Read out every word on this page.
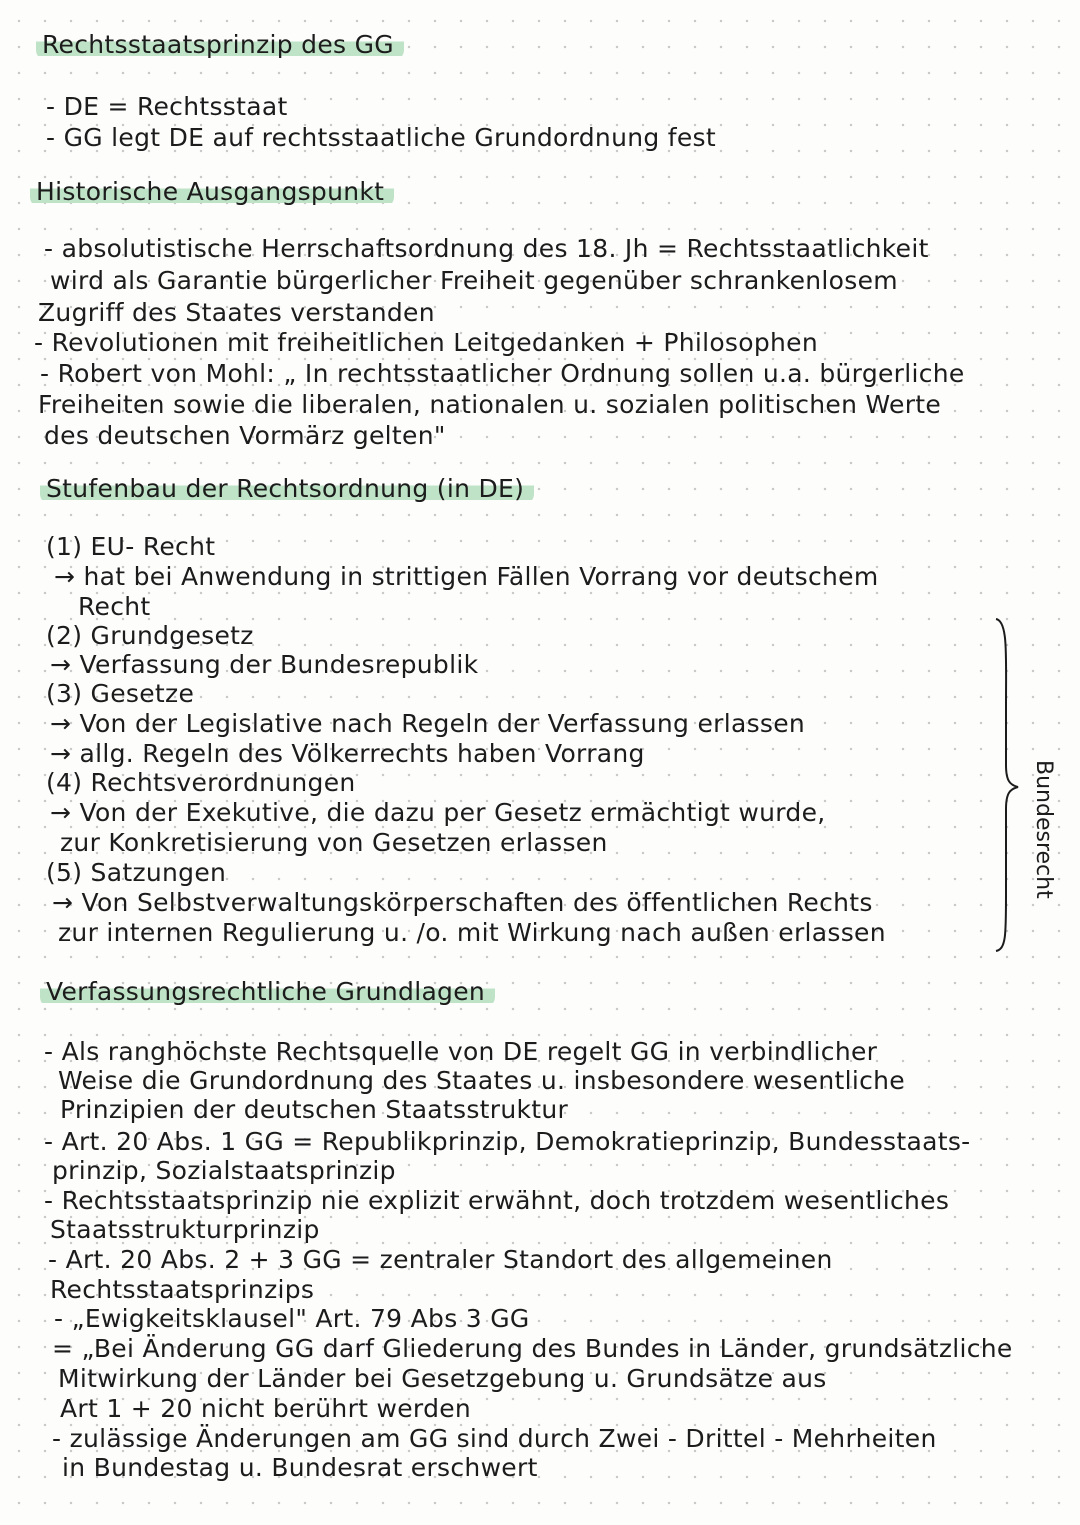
Rechtsstaatsprinzip des GG
- DE = Rechtsstaat
- GG legt DE auf rechtsstaatliche Grundordnung fest
Historische Ausgangspunkt
- absolutistische Herrschaftsordnung des 18. Jh = Rechtsstaatlichkeit
wird als Garantie bürgerlicher Freiheit gegenüber schrankenlosem
Zugriff des Staates verstanden
- Revolutionen mit freiheitlichen Leitgedanken + Philosophen
- Robert von Mohl: „ In rechtsstaatlicher Ordnung sollen u.a. bürgerliche
Freiheiten sowie die liberalen, nationalen u. sozialen politischen Werte
des deutschen Vormärz gelten"
Stufenbau der Rechtsordnung (in DE)
(1) EU- Recht
→ hat bei Anwendung in strittigen Fällen Vorrang vor deutschem
Recht
(2) Grundgesetz
→ Verfassung der Bundesrepublik
(3) Gesetze
→ Von der Legislative nach Regeln der Verfassung erlassen
→ allg. Regeln des Völkerrechts haben Vorrang
(4) Rechtsverordnungen
→ Von der Exekutive, die dazu per Gesetz ermächtigt wurde,
zur Konkretisierung von Gesetzen erlassen
(5) Satzungen
→ Von Selbstverwaltungskörperschaften des öffentlichen Rechts
zur internen Regulierung u. /o. mit Wirkung nach außen erlassen
Bundesrecht
Verfassungsrechtliche Grundlagen
- Als ranghöchste Rechtsquelle von DE regelt GG in verbindlicher
Weise die Grundordnung des Staates u. insbesondere wesentliche
Prinzipien der deutschen Staatsstruktur
- Art. 20 Abs. 1 GG = Republikprinzip, Demokratieprinzip, Bundesstaats-
prinzip, Sozialstaatsprinzip
- Rechtsstaatsprinzip nie explizit erwähnt, doch trotzdem wesentliches
Staatsstrukturprinzip
- Art. 20 Abs. 2 + 3 GG = zentraler Standort des allgemeinen
Rechtsstaatsprinzips
- „Ewigkeitsklausel" Art. 79 Abs 3 GG
= „Bei Änderung GG darf Gliederung des Bundes in Länder, grundsätzliche
Mitwirkung der Länder bei Gesetzgebung u. Grundsätze aus
Art 1 + 20 nicht berührt werden
- zulässige Änderungen am GG sind durch Zwei - Drittel - Mehrheiten
in Bundestag u. Bundesrat erschwert
